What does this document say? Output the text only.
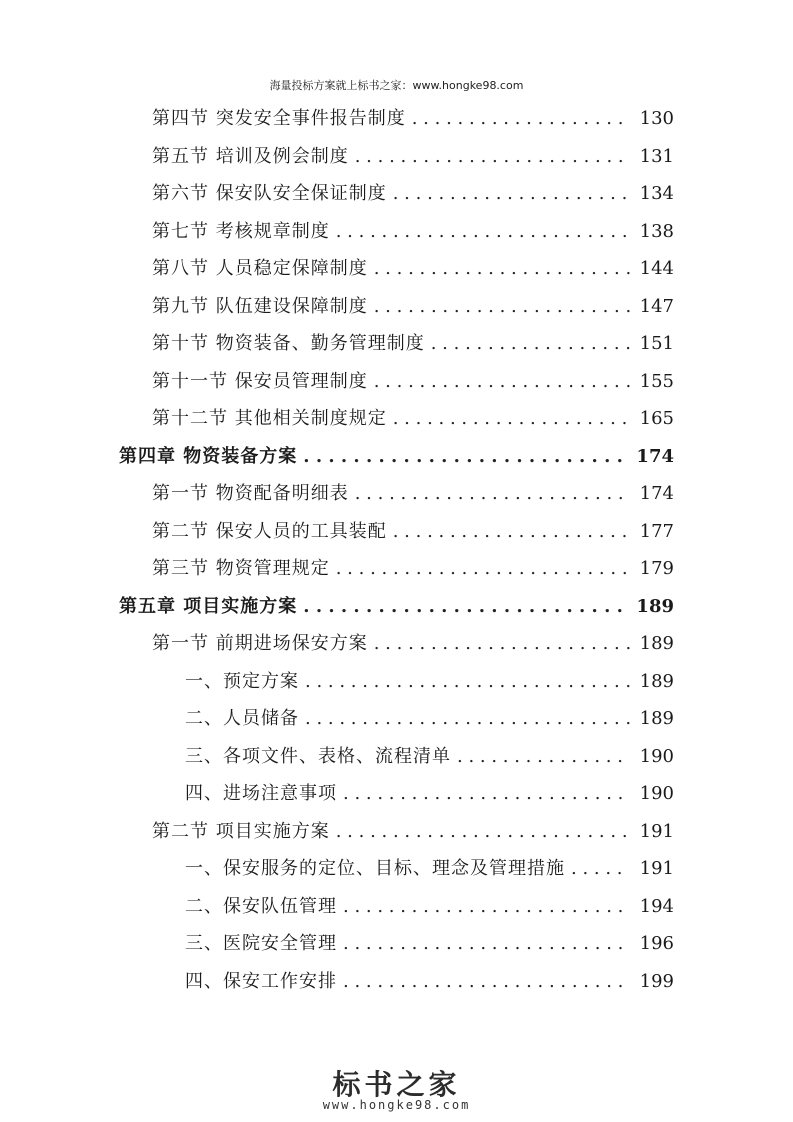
海量投标方案就上标书之家：www.hongke98.com
第四节 突发安全事件报告制度 . . .	130
第五节 培训及例会制度 . . .	131
第六节 保安队安全保证制度 . . .	134
第七节 考核规章制度 . . .	138
第八节 人员稳定保障制度 . . .	144
第九节 队伍建设保障制度 . . .	147
第十节 物资装备、勤务管理制度 . . .	151
第十一节 保安员管理制度 . . .	155
第十二节 其他相关制度规定 . . .	165
第四章 物资装备方案 . . .	174
第一节 物资配备明细表 . . .	174
第二节 保安人员的工具装配 . . .	177
第三节 物资管理规定 . . .	179
第五章 项目实施方案 . . .	189
第一节 前期进场保安方案 . . .	189
一、预定方案 . . .	189
二、人员储备 . . .	189
三、各项文件、表格、流程清单 . . .	190
四、进场注意事项 . . .	190
第二节 项目实施方案 . . .	191
一、保安服务的定位、目标、理念及管理措施 . . .	191
二、保安队伍管理 . . .	194
三、医院安全管理 . . .	196
四、保安工作安排 . . .	199
标书之家
www.hongke98.com
